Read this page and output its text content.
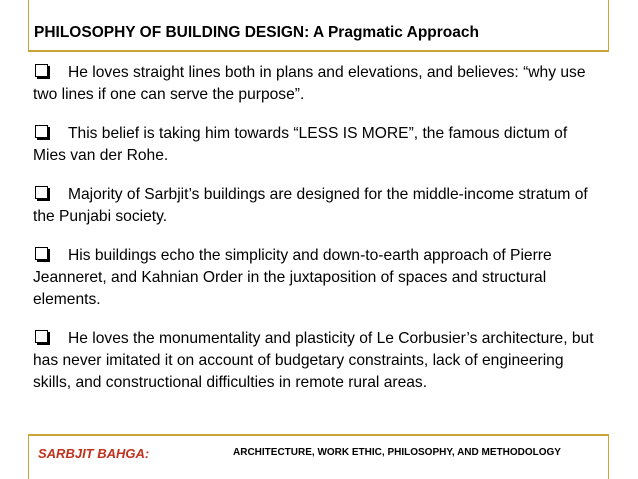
PHILOSOPHY OF BUILDING DESIGN: A Pragmatic Approach

He loves straight lines both in plans and elevations, and believes: “why use two lines if one can serve the purpose”.

This belief is taking him towards “LESS IS MORE”, the famous dictum of Mies van der Rohe.

Majority of Sarbjit’s buildings are designed for the middle-income stratum of the Punjabi society.

His buildings echo the simplicity and down-to-earth approach of Pierre Jeanneret, and Kahnian Order in the juxtaposition of spaces and structural elements.

He loves the monumentality and plasticity of Le Corbusier’s architecture, but has never imitated it on account of budgetary constraints, lack of engineering skills, and constructional difficulties in remote rural areas.

SARBJIT BAHGA:	ARCHITECTURE, WORK ETHIC, PHILOSOPHY, AND METHODOLOGY
